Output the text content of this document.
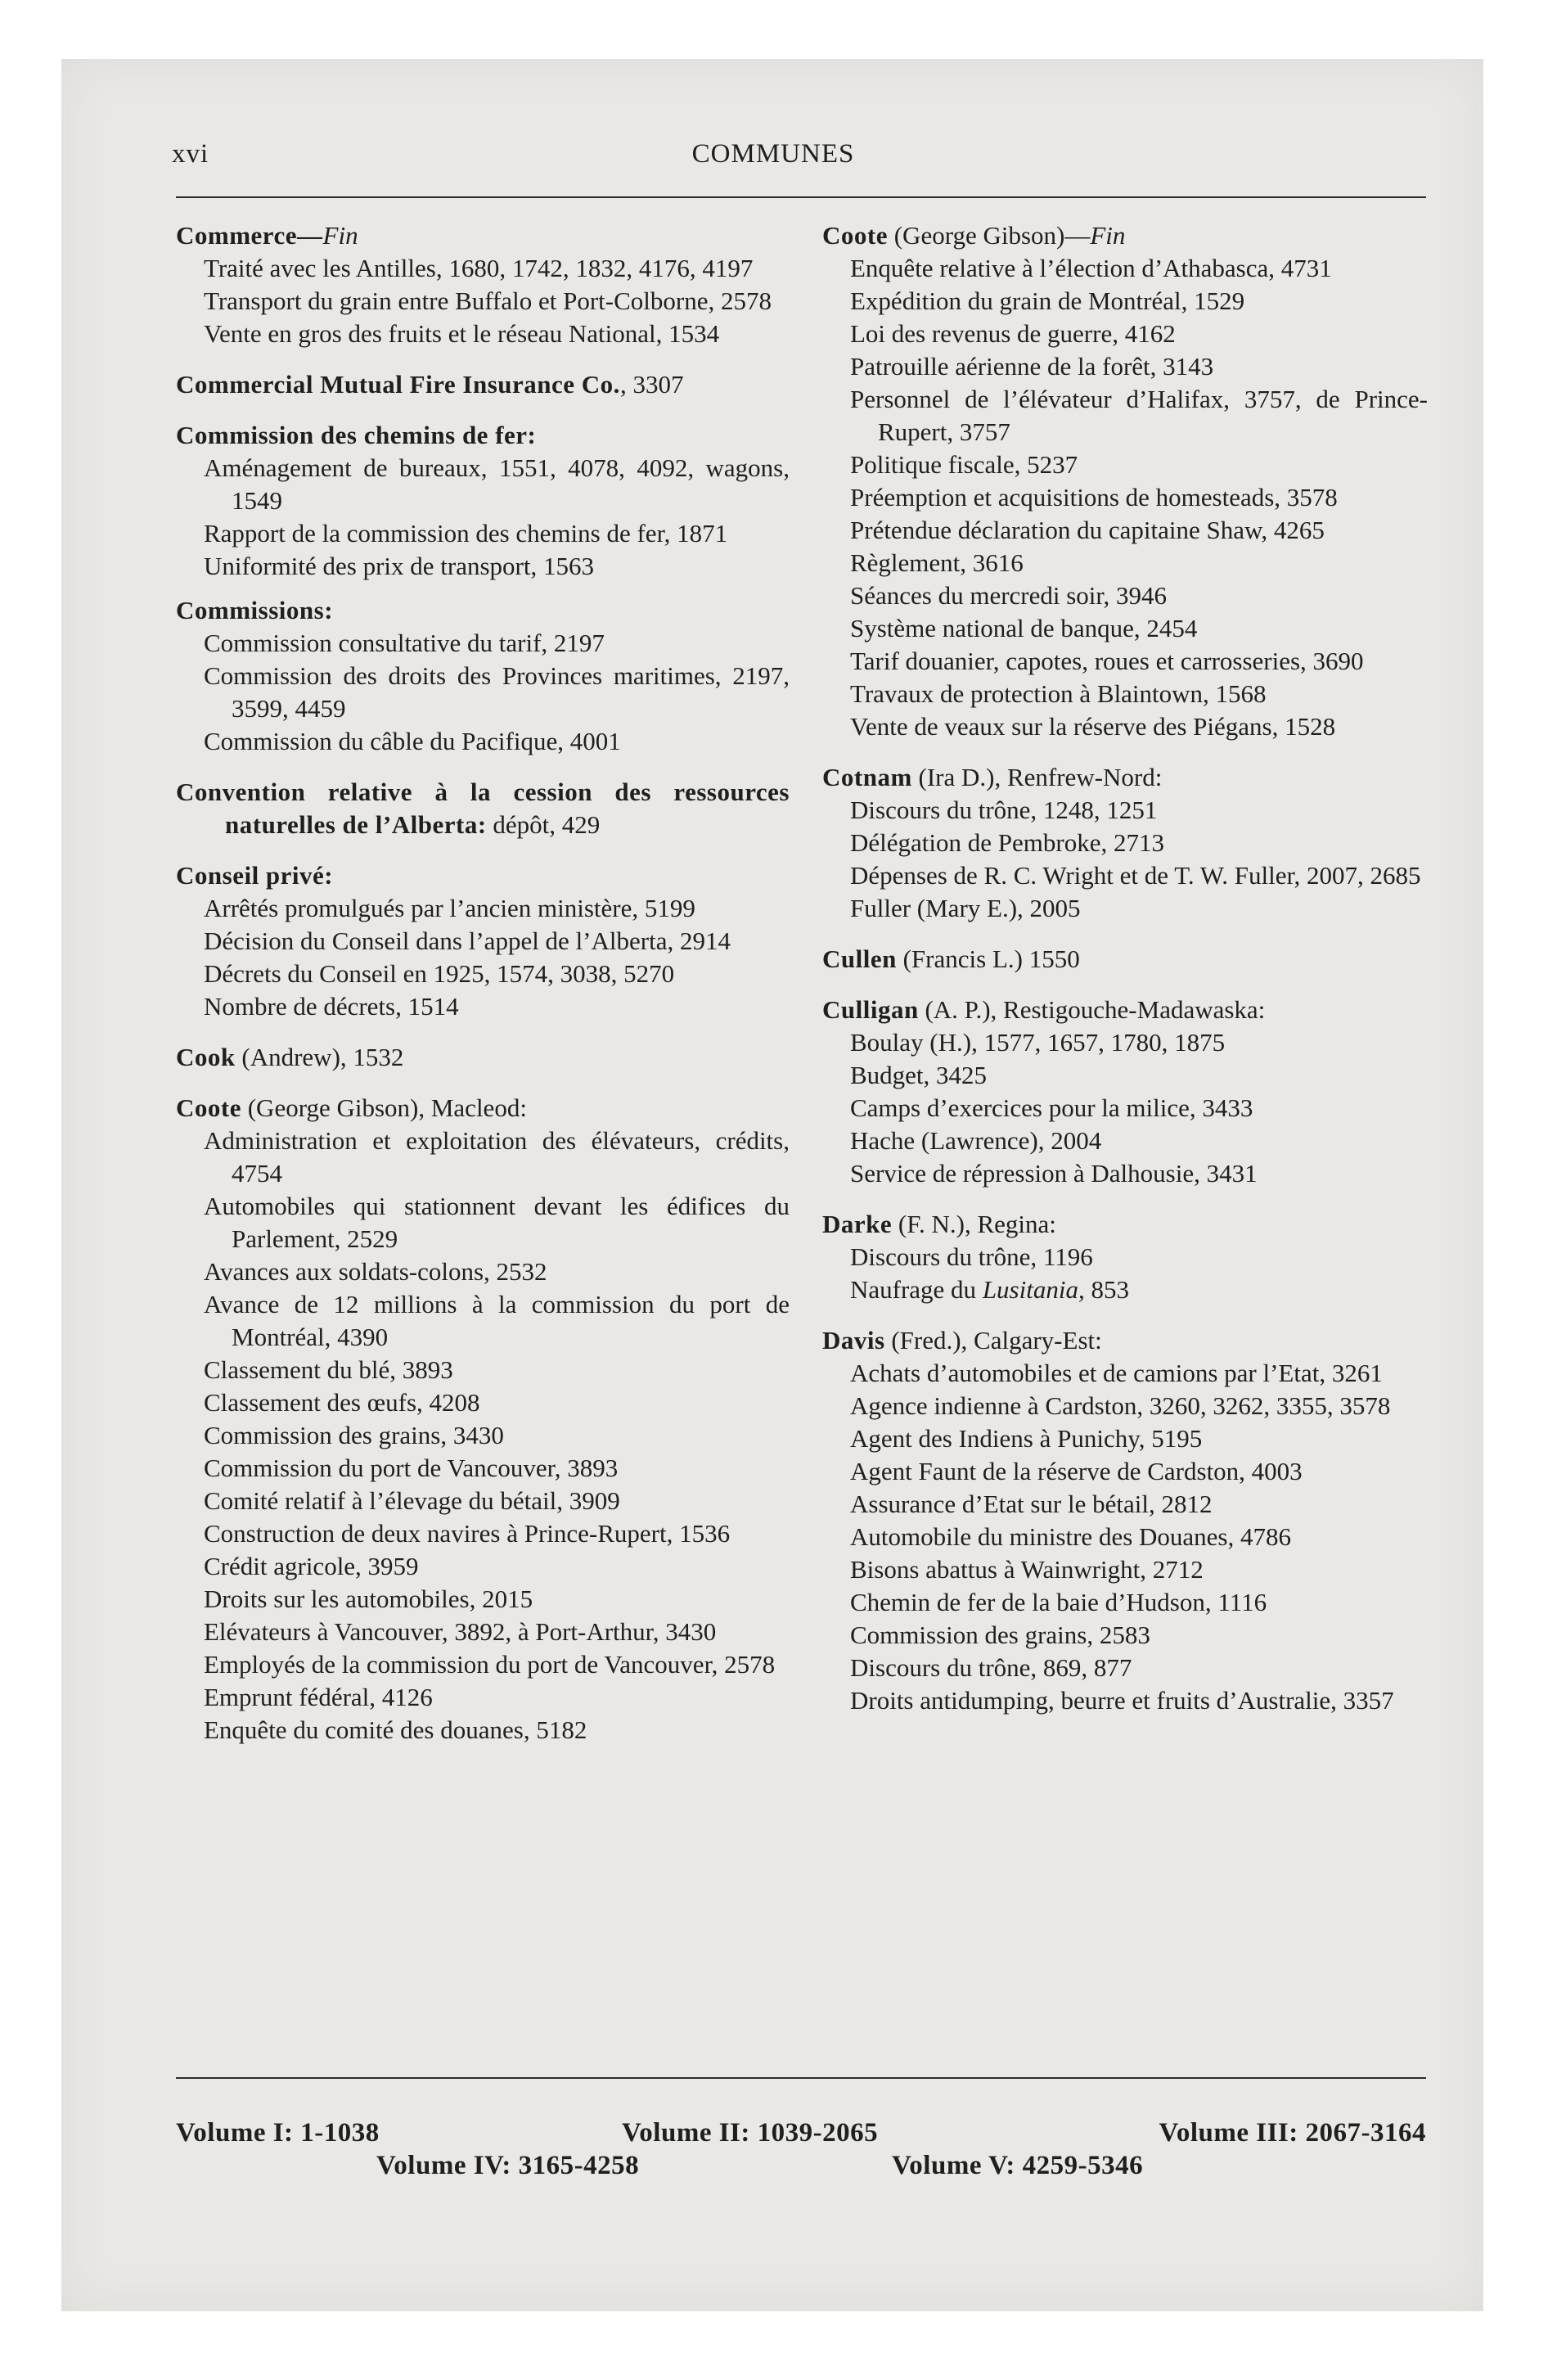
xvi	COMMUNES

Commerce—Fin

Traité avec les Antilles, 1680, 1742, 1832, 4176, 4197

Transport du grain entre Buffalo et Port-Colborne, 2578

Vente en gros des fruits et le réseau National, 1534

Commercial Mutual Fire Insurance Co., 3307

Commission des chemins de fer:

Aménagement de bureaux, 1551, 4078, 4092, wagons, 1549

Rapport de la commission des chemins de fer, 1871

Uniformité des prix de transport, 1563

Commissions:

Commission consultative du tarif, 2197

Commission des droits des Provinces maritimes, 2197, 3599, 4459

Commission du câble du Pacifique, 4001

Convention relative à la cession des ressources naturelles de l’Alberta: dépôt, 429

Conseil privé:

Arrêtés promulgués par l’ancien ministère, 5199

Décision du Conseil dans l’appel de l’Alberta, 2914

Décrets du Conseil en 1925, 1574, 3038, 5270

Nombre de décrets, 1514

Cook (Andrew), 1532

Coote (George Gibson), Macleod:

Administration et exploitation des élévateurs, crédits, 4754

Automobiles qui stationnent devant les édifices du Parlement, 2529

Avances aux soldats-colons, 2532

Avance de 12 millions à la commission du port de Montréal, 4390

Classement du blé, 3893

Classement des œufs, 4208

Commission des grains, 3430

Commission du port de Vancouver, 3893

Comité relatif à l’élevage du bétail, 3909

Construction de deux navires à Prince-Rupert, 1536

Crédit agricole, 3959

Droits sur les automobiles, 2015

Elévateurs à Vancouver, 3892, à Port-Arthur, 3430

Employés de la commission du port de Vancouver, 2578

Emprunt fédéral, 4126

Enquête du comité des douanes, 5182

Coote (George Gibson)—Fin

Enquête relative à l’élection d’Athabasca, 4731

Expédition du grain de Montréal, 1529

Loi des revenus de guerre, 4162

Patrouille aérienne de la forêt, 3143

Personnel de l’élévateur d’Halifax, 3757, de Prince-Rupert, 3757

Politique fiscale, 5237

Préemption et acquisitions de homesteads, 3578

Prétendue déclaration du capitaine Shaw, 4265

Règlement, 3616

Séances du mercredi soir, 3946

Système national de banque, 2454

Tarif douanier, capotes, roues et carrosseries, 3690

Travaux de protection à Blaintown, 1568

Vente de veaux sur la réserve des Piégans, 1528

Cotnam (Ira D.), Renfrew-Nord:

Discours du trône, 1248, 1251

Délégation de Pembroke, 2713

Dépenses de R. C. Wright et de T. W. Fuller, 2007, 2685

Fuller (Mary E.), 2005

Cullen (Francis L.) 1550

Culligan (A. P.), Restigouche-Madawaska:

Boulay (H.), 1577, 1657, 1780, 1875

Budget, 3425

Camps d’exercices pour la milice, 3433

Hache (Lawrence), 2004

Service de répression à Dalhousie, 3431

Darke (F. N.), Regina:

Discours du trône, 1196

Naufrage du Lusitania, 853

Davis (Fred.), Calgary-Est:

Achats d’automobiles et de camions par l’Etat, 3261

Agence indienne à Cardston, 3260, 3262, 3355, 3578

Agent des Indiens à Punichy, 5195

Agent Faunt de la réserve de Cardston, 4003

Assurance d’Etat sur le bétail, 2812

Automobile du ministre des Douanes, 4786

Bisons abattus à Wainwright, 2712

Chemin de fer de la baie d’Hudson, 1116

Commission des grains, 2583

Discours du trône, 869, 877

Droits antidumping, beurre et fruits d’Australie, 3357

Volume I: 1-1038	Volume II: 1039-2065	Volume III: 2067-3164
Volume IV: 3165-4258	Volume V: 4259-5346
